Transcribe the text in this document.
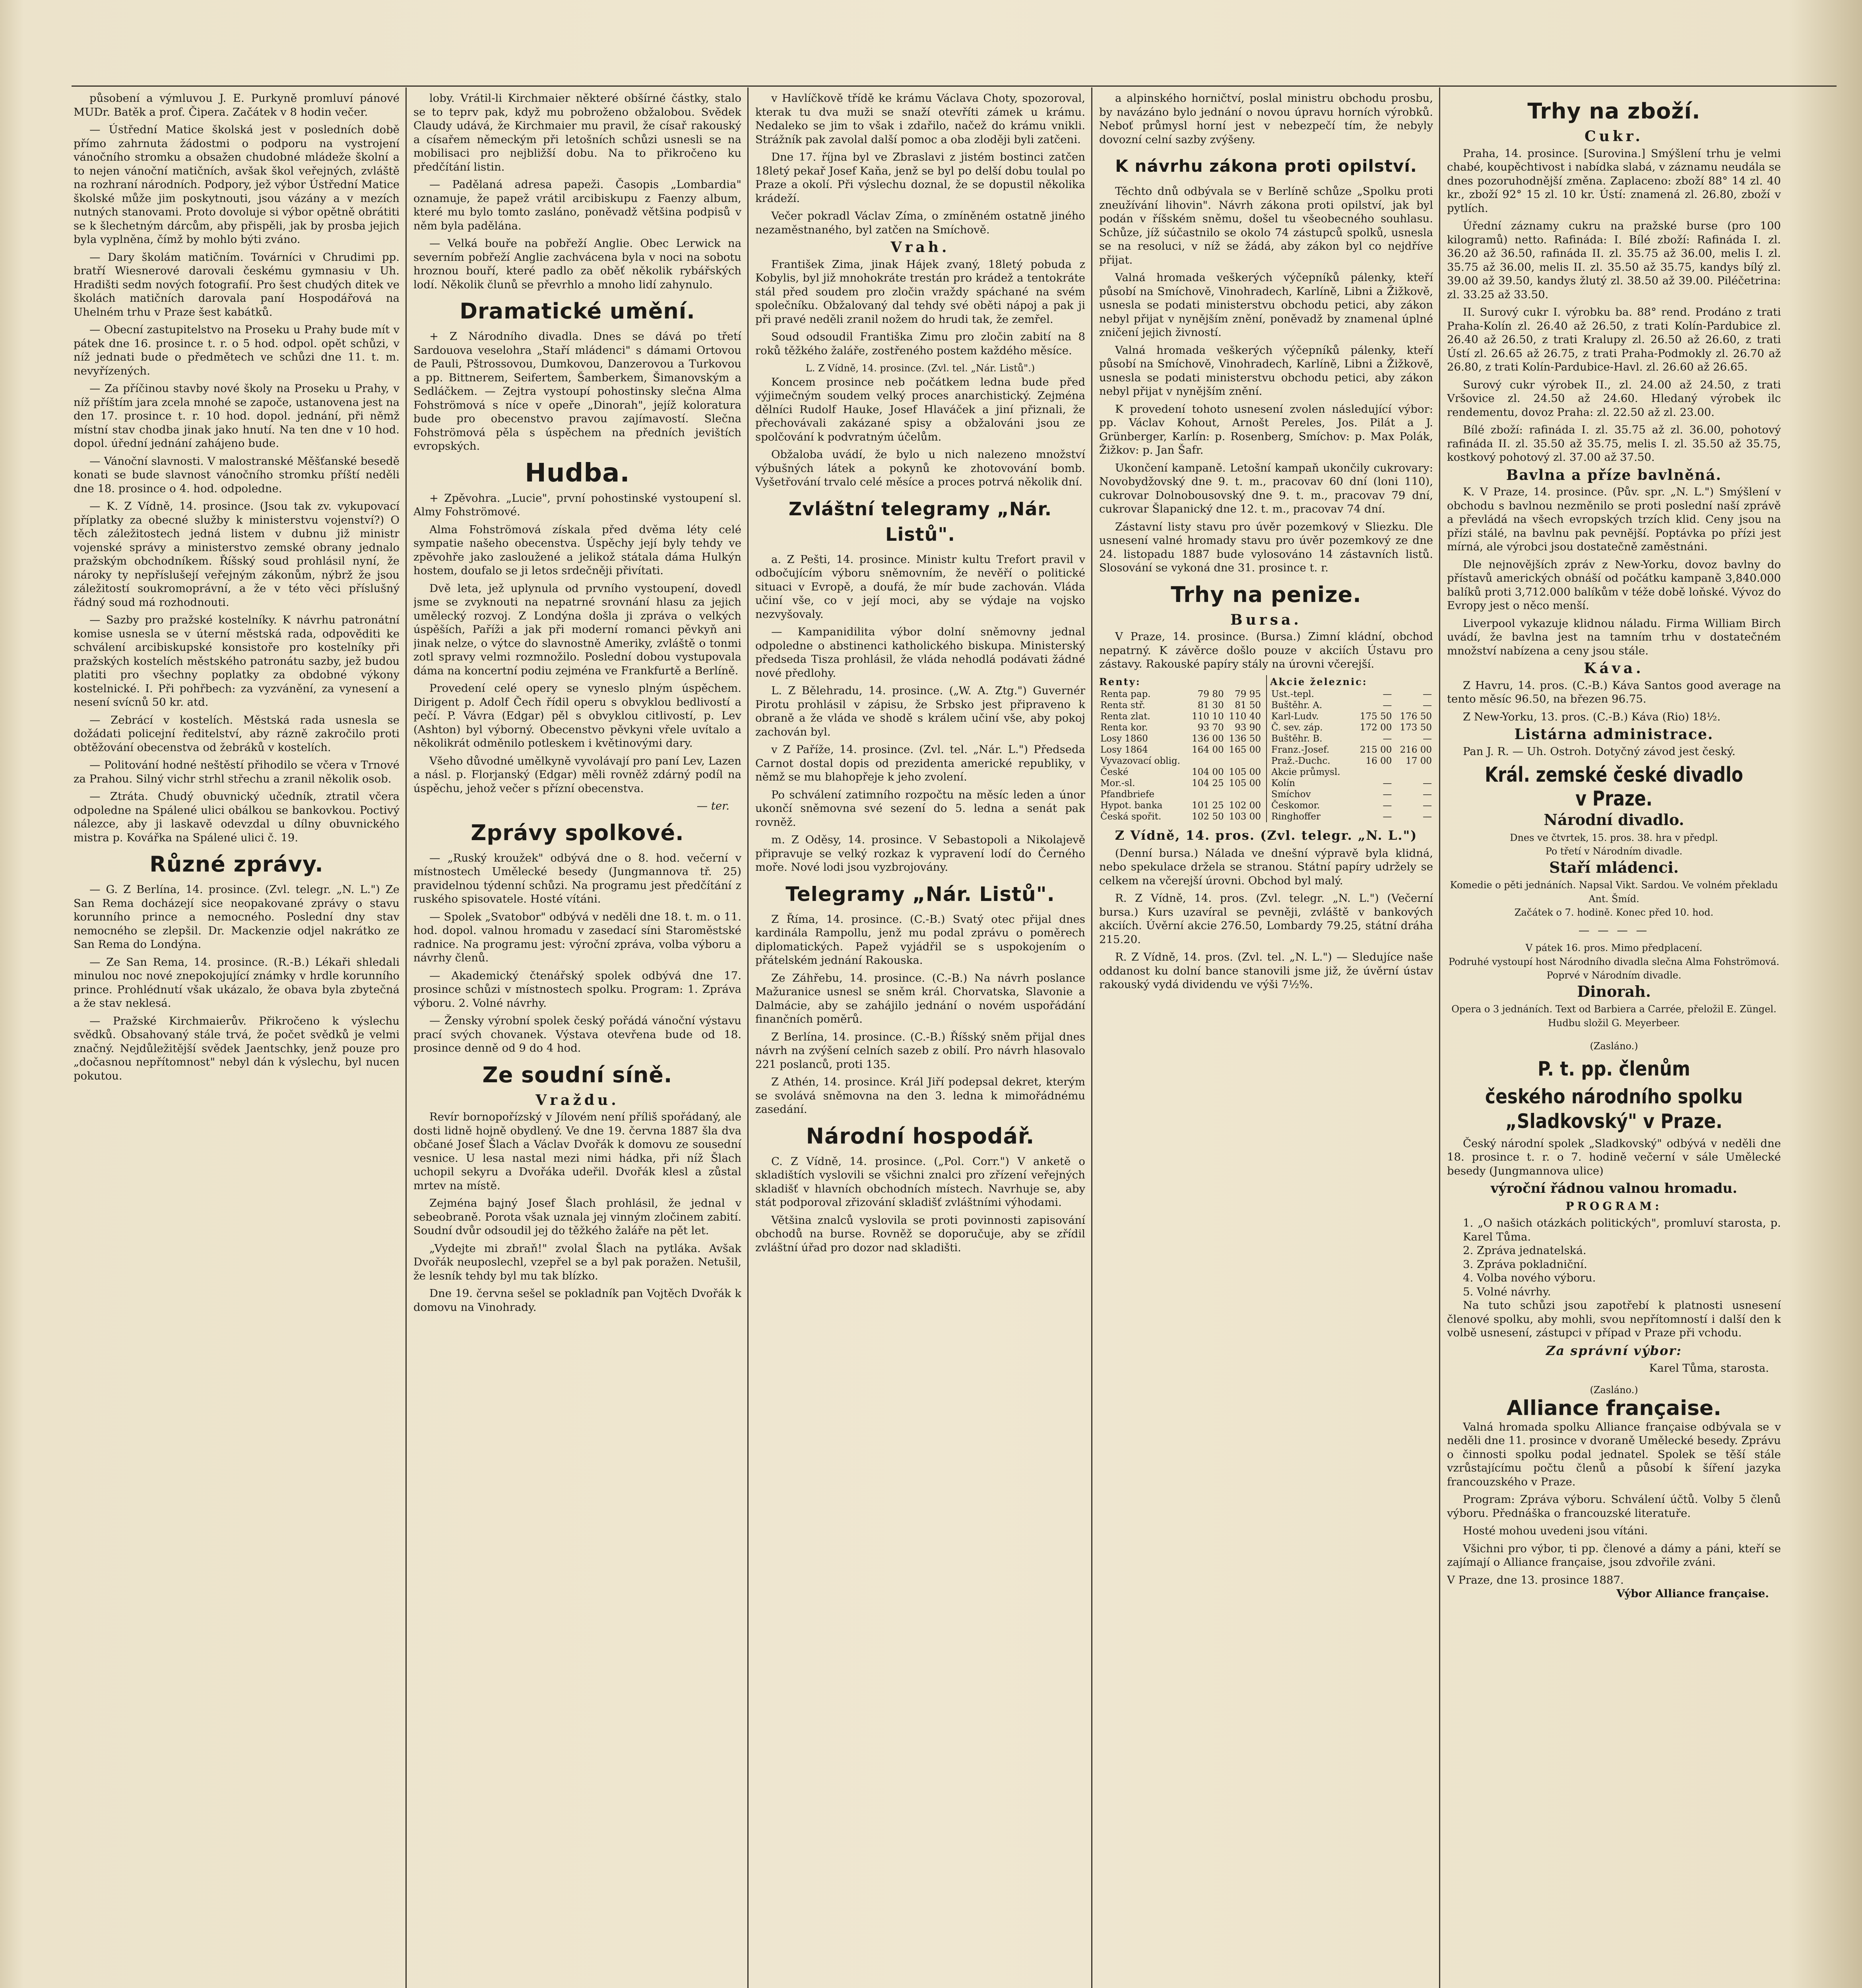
působení a výmluvou J. E. Purkyně promluví pánové MUDr. Batěk a prof. Čipera. Začátek v 8 hodin večer.

— Ústřední Matice školská jest v posledních době přímo zahrnuta žádostmi o podporu na vystrojení vánočního stromku a obsažen chudobné mládeže školní a to nejen vánoční matičních, avšak škol veřejných, zvláště na rozhraní národních. Podpory, jež výbor Ústřední Matice školské může jim poskytnouti, jsou vázány a v mezích nutných stanovami. Proto dovoluje si výbor opětně obrátiti se k šlechetným dárcům, aby přispěli, jak by prosba jejich byla vyplněna, čímž by mohlo býti zváno.

— Dary školám matičním. Továrníci v Chrudimi pp. bratří Wiesnerové darovali českému gymnasiu v Uh. Hradišti sedm nových fotografií. Pro šest chudých ditek ve školách matičních darovala paní Hospodářová na Uhelném trhu v Praze šest kabátků.

— Obecní zastupitelstvo na Proseku u Prahy bude mít v pátek dne 16. prosince t. r. o 5 hod. odpol. opět schůzi, v níž jednati bude o předmětech ve schůzi dne 11. t. m. nevyřízených.

— Za příčinou stavby nové školy na Proseku u Prahy, v níž příštím jara zcela mnohé se započe, ustanovena jest na den 17. prosince t. r. 10 hod. dopol. jednání, při němž místní stav chodba jinak jako hnutí. Na ten dne v 10 hod. dopol. úřední jednání zahájeno bude.

— Vánoční slavnosti. V malostranské Měšťanské besedě konati se bude slavnost vánočního stromku příští neděli dne 18. prosince o 4. hod. odpoledne.

— K. Z Vídně, 14. prosince. (Jsou tak zv. vykupovací příplatky za obecné služby k ministerstvu vojenství?) O těch záležitostech jedná listem v dubnu již ministr vojenské správy a ministerstvo zemské obrany jednalo pražským obchodníkem. Říšský soud prohlásil nyní, že nároky ty nepříslušejí veřejným zákonům, nýbrž že jsou záležitostí soukromoprávní, a že v této věci příslušný řádný soud má rozhodnouti.

— Sazby pro pražské kostelníky. K návrhu patronátní komise usnesla se v úterní městská rada, odpověditi ke schválení arcibiskupské konsistoře pro kostelníky při pražských kostelích městského patronátu sazby, jež budou platiti pro všechny poplatky za obdobné výkony kostelnické. I. Při pohřbech: za vyzvánění, za vynesení a nesení svícnů 50 kr. atd.

— Zebrácí v kostelích. Městská rada usnesla se dožádati policejní ředitelství, aby rázně zakročilo proti obtěžování obecenstva od žebráků v kostelích.

— Politování hodné neštěstí přihodilo se včera v Trnové za Prahou. Silný vichr strhl střechu a zranil několik osob.

— Ztráta. Chudý obuvnický učedník, ztratil včera odpoledne na Spálené ulici obálkou se bankovkou. Poctivý nálezce, aby ji laskavě odevzdal u dílny obuvnického mistra p. Kovářka na Spálené ulici č. 19.

Různé zprávy.

— G. Z Berlína, 14. prosince. (Zvl. telegr. „N. L.") Ze San Rema docházejí sice neopakované zprávy o stavu korunního prince a nemocného. Poslední dny stav nemocného se zlepšil. Dr. Mackenzie odjel nakrátko ze San Rema do Londýna.

— Ze San Rema, 14. prosince. (R.-B.) Lékaři shledali minulou noc nové znepokojující známky v hrdle korunního prince. Prohlédnutí však ukázalo, že obava byla zbytečná a že stav neklesá.

— Pražské Kirchmaierův. Přikročeno k výslechu svědků. Obsahovaný stále trvá, že počet svědků je velmi značný. Nejdůležitější svědek Jaentschky, jenž pouze pro „dočasnou nepřítomnost" nebyl dán k výslechu, byl nucen pokutou.

loby. Vrátil-li Kirchmaier některé obšírné částky, stalo se to teprv pak, když mu pobroženo obžalobou. Svědek Claudy udává, že Kirchmaier mu pravil, že císař rakouský a císařem německým při letošních schůzi usnesli se na mobilisaci pro nejbližší dobu. Na to přikročeno ku předčítání listin.

— Padělaná adresa papeži. Časopis „Lombardia" oznamuje, že papež vrátil arcibiskupu z Faenzy album, které mu bylo tomto zasláno, poněvadž většina podpisů v něm byla padělána.

— Velká bouře na pobřeží Anglie. Obec Lerwick na severním pobřeží Anglie zachvácena byla v noci na sobotu hroznou bouří, které padlo za oběť několik rybářských lodí. Několik člunů se převrhlo a mnoho lidí zahynulo.

Dramatické umění.

+ Z Národního divadla. Dnes se dává po třetí Sardouova veselohra „Staří mládenci" s dámami Ortovou de Pauli, Pštrossovou, Dumkovou, Danzerovou a Turkovou a pp. Bittnerem, Seifertem, Šamberkem, Šimanovským a Sedláčkem. — Zejtra vystoupí pohostinsky slečna Alma Fohströmová s níce v opeře „Dinorah", jejíž koloratura bude pro obecenstvo pravou zajímavostí. Slečna Fohströmová pěla s úspěchem na předních jevištích evropských.

Hudba.

+ Zpěvohra. „Lucie", první pohostinské vystoupení sl. Almy Fohströmové.

Alma Fohströmová získala před dvěma léty celé sympatie našeho obecenstva. Úspěchy její byly tehdy ve zpěvohře jako zasloužené a jelikož státala dáma Hulkýn hostem, doufalo se ji letos srdečněji přivítati.

Dvě leta, jež uplynula od prvního vystoupení, dovedl jsme se zvyknouti na nepatrné srovnání hlasu za jejich umělecký rozvoj. Z Londýna došla ji zpráva o velkých úspěších, Paříži a jak při moderní romanci pěvkyň ani jinak nelze, o výtce do slavnostně Ameriky, zvláště o tonmi zotl spravy velmi rozmnožilo. Poslední dobou vystupovala dáma na koncertní podiu zejména ve Frankfurtě a Berlíně.

Provedení celé opery se vyneslo plným úspěchem. Dirigent p. Adolf Čech řídil operu s obvyklou bedlivostí a pečí. P. Vávra (Edgar) pěl s obvyklou citlivostí, p. Lev (Ashton) byl výborný. Obecenstvo pěvkyni vřele uvítalo a několikrát odměnilo potleskem i květinovými dary.

Všeho důvodné umělkyně vyvolávají pro paní Lev, Lazen a násl. p. Florjanský (Edgar) měli rovněž zdárný podíl na úspěchu, jehož večer s přízní obecenstva.

— ter.
Zprávy spolkové.

— „Ruský kroužek" odbývá dne o 8. hod. večerní v místnostech Umělecké besedy (Jungmannova tř. 25) pravidelnou týdenní schůzi. Na programu jest předčítání z ruského spisovatele. Hosté vítáni.

— Spolek „Svatobor" odbývá v neděli dne 18. t. m. o 11. hod. dopol. valnou hromadu v zasedací síni Staroměstské radnice. Na programu jest: výroční zpráva, volba výboru a návrhy členů.

— Akademický čtenářský spolek odbývá dne 17. prosince schůzi v místnostech spolku. Program: 1. Zpráva výboru. 2. Volné návrhy.

— Žensky výrobní spolek český pořádá vánoční výstavu prací svých chovanek. Výstava otevřena bude od 18. prosince denně od 9 do 4 hod.

Ze soudní síně.
Vraždu.

Revír bornopořízský v Jílovém není příliš spořádaný, ale dosti lidně hojně obydlený. Ve dne 19. června 1887 šla dva občané Josef Šlach a Václav Dvořák k domovu ze sousední vesnice. U lesa nastal mezi nimi hádka, při níž Šlach uchopil sekyru a Dvořáka udeřil. Dvořák klesl a zůstal mrtev na místě.

Zejména bajný Josef Šlach prohlásil, že jednal v sebeobraně. Porota však uznala jej vinným zločinem zabití. Soudní dvůr odsoudil jej do těžkého žaláře na pět let.

„Vydejte mi zbraň!" zvolal Šlach na pytláka. Avšak Dvořák neuposlechl, vzepřel se a byl pak poražen. Netušil, že lesník tehdy byl mu tak blízko.

Dne 19. června sešel se pokladník pan Vojtěch Dvořák k domovu na Vinohrady.

v Havlíčkově třídě ke krámu Václava Choty, spozoroval, kterak tu dva muži se snaží otevříti zámek u krámu. Nedaleko se jim to však i zdařilo, načež do krámu vnikli. Strážník pak zavolal další pomoc a oba zloději byli zatčeni.

Dne 17. října byl ve Zbraslavi z jistém bostinci zatčen 18letý pekař Josef Kaňa, jenž se byl po delší dobu toulal po Praze a okolí. Při výslechu doznal, že se dopustil několika krádeží.

Večer pokradl Václav Zíma, o zmíněném ostatně jiného nezaměstnaného, byl zatčen na Smíchově.

Vrah.

František Zima, jinak Hájek zvaný, 18letý pobuda z Kobylis, byl již mnohokráte trestán pro krádež a tentokráte stál před soudem pro zločin vraždy spáchané na svém společníku. Obžalovaný dal tehdy své oběti nápoj a pak ji při pravé neděli zranil nožem do hrudi tak, že zemřel.

Soud odsoudil Františka Zimu pro zločin zabití na 8 roků těžkého žaláře, zostřeného postem každého měsíce.

L. Z Vídně, 14. prosince. (Zvl. tel. „Nár. Listů".)

Koncem prosince neb počátkem ledna bude před výjimečným soudem velký proces anarchistický. Zejména dělníci Rudolf Hauke, Josef Hlaváček a jiní přiznali, že přechovávali zakázané spisy a obžalováni jsou ze spolčování k podvratným účelům.

Obžaloba uvádí, že bylo u nich nalezeno množství výbušných látek a pokynů ke zhotovování bomb. Vyšetřování trvalo celé měsíce a proces potrvá několik dní.

Zvláštní telegramy „Nár. Listů".

a. Z Pešti, 14. prosince. Ministr kultu Trefort pravil v odbočujícím výboru sněmovním, že nevěří o politické situaci v Evropě, a doufá, že mír bude zachován. Vláda učiní vše, co v její moci, aby se výdaje na vojsko nezvyšovaly.

— Kampanidilita výbor dolní sněmovny jednal odpoledne o abstinenci katholického biskupa. Ministerský předseda Tisza prohlásil, že vláda nehodlá podávati žádné nové předlohy.

L. Z Bělehradu, 14. prosince. („W. A. Ztg.") Guvernér Pirotu prohlásil v zápisu, že Srbsko jest připraveno k obraně a že vláda ve shodě s králem učiní vše, aby pokoj zachován byl.

v Z Paříže, 14. prosince. (Zvl. tel. „Nár. L.") Předseda Carnot dostal dopis od prezidenta americké republiky, v němž se mu blahopřeje k jeho zvolení.

Po schválení zatimního rozpočtu na měsíc leden a únor ukončí sněmovna své sezení do 5. ledna a senát pak rovněž.

m. Z Oděsy, 14. prosince. V Sebastopoli a Nikolajevě připravuje se velký rozkaz k vypravení lodí do Černého moře. Nové lodi jsou vyzbrojovány.

Telegramy „Nár. Listů".

Z Říma, 14. prosince. (C.-B.) Svatý otec přijal dnes kardinála Rampollu, jenž mu podal zprávu o poměrech diplomatických. Papež vyjádřil se s uspokojením o přátelském jednání Rakouska.

Ze Záhřebu, 14. prosince. (C.-B.) Na návrh poslance Mažuranice usnesl se sněm král. Chorvatska, Slavonie a Dalmácie, aby se zahájilo jednání o novém uspořádání finančních poměrů.

Z Berlína, 14. prosince. (C.-B.) Říšský sněm přijal dnes návrh na zvýšení celních sazeb z obilí. Pro návrh hlasovalo 221 poslanců, proti 135.

Z Athén, 14. prosince. Král Jiří podepsal dekret, kterým se svolává sněmovna na den 3. ledna k mimořádnému zasedání.

Národní hospodář.

C. Z Vídně, 14. prosince. („Pol. Corr.") V anketě o skladištích vyslovili se všichni znalci pro zřízení veřejných skladišť v hlavních obchodních místech. Navrhuje se, aby stát podporoval zřizování skladišť zvláštními výhodami.

Většina znalců vyslovila se proti povinnosti zapisování obchodů na burse. Rovněž se doporučuje, aby se zřídil zvláštní úřad pro dozor nad skladišti.

a alpinského horničtví, poslal ministru obchodu prosbu, by navázáno bylo jednání o novou úpravu horních výrobků. Neboť průmysl horní jest v nebezpečí tím, že nebyly dovozní celní sazby zvýšeny.

K návrhu zákona proti opilství.

Těchto dnů odbývala se v Berlíně schůze „Spolku proti zneužívání lihovin". Návrh zákona proti opilství, jak byl podán v říšském sněmu, došel tu všeobecného souhlasu. Schůze, jíž súčastnilo se okolo 74 zástupců spolků, usnesla se na resoluci, v níž se žádá, aby zákon byl co nejdříve přijat.

Valná hromada veškerých výčepníků pálenky, kteří působí na Smíchově, Vinohradech, Karlíně, Libni a Žižkově, usnesla se podati ministerstvu obchodu petici, aby zákon nebyl přijat v nynějším znění, poněvadž by znamenal úplné zničení jejich živností.

Valná hromada veškerých výčepníků pálenky, kteří působí na Smíchově, Vinohradech, Karlíně, Libni a Žižkově, usnesla se podati ministerstvu obchodu petici, aby zákon nebyl přijat v nynějším znění.

K provedení tohoto usnesení zvolen následující výbor: pp. Václav Kohout, Arnošt Pereles, Jos. Pilát a J. Grünberger, Karlín: p. Rosenberg, Smíchov: p. Max Polák, Žižkov: p. Jan Šafr.

Ukončení kampaně. Letošní kampaň ukončily cukrovary: Novobydžovský dne 9. t. m., pracovav 60 dní (loni 110), cukrovar Dolnobousovský dne 9. t. m., pracovav 79 dní, cukrovar Šlapanický dne 12. t. m., pracovav 74 dní.

Zástavní listy stavu pro úvěr pozemkový v Sliezku. Dle usnesení valné hromady stavu pro úvěr pozemkový ze dne 24. listopadu 1887 bude vylosováno 14 zástavních listů. Slosování se vykoná dne 31. prosince t. r.

Trhy na penize.
Bursa.

V Praze, 14. prosince. (Bursa.) Zimní kládní, obchod nepatrný. K závěrce došlo pouze v akciích Ústavu pro zástavy. Rakouské papíry stály na úrovni včerejší.

Renty:
Renta pap.	79 80	79 95
Renta stř.	81 30	81 50
Renta zlat.	110 10	110 40
Renta kor.	93 70	93 90
Losy 1860	136 00	136 50
Losy 1864	164 00	165 00
Vyvazovací oblig.		
České	104 00	105 00
Mor.-sl.	104 25	105 00
Pfandbriefe		
Hypot. banka	101 25	102 00
Česká spořit.	102 50	103 00
Akcie železnic:
Ust.-tepl.	—	—
Buštěhr. A.	—	—
Karl-Ludv.	175 50	176 50
Č. sev. záp.	172 00	173 50
Buštěhr. B.	—	—
Franz.-Josef.	215 00	216 00
Praž.-Duchc.	16 00	17 00
Akcie průmysl.		
Kolín	—	—
Smíchov	—	—
Českomor.	—	—
Ringhoffer	—	—
Z Vídně, 14. pros. (Zvl. telegr. „N. L.")

(Denní bursa.) Nálada ve dnešní výpravě byla klidná, nebo spekulace držela se stranou. Státní papíry udržely se celkem na včerejší úrovni. Obchod byl malý.

R. Z Vídně, 14. pros. (Zvl. telegr. „N. L.") (Večerní bursa.) Kurs uzavíral se pevněji, zvláště v bankových akciích. Úvěrní akcie 276.50, Lombardy 79.25, státní dráha 215.20.

R. Z Vídně, 14. pros. (Zvl. tel. „N. L.") — Sledujíce naše oddanost ku dolní bance stanovili jsme již, že úvěrní ústav rakouský vydá dividendu ve výši 7½%.

Trhy na zboží.
Cukr.

Praha, 14. prosince. [Surovina.] Smýšlení trhu je velmi chabé, koupěchtivost i nabídka slabá, v záznamu neudála se dnes pozoruhodnější změna. Zaplaceno: zboží 88° 14 zl. 40 kr., zboží 92° 15 zl. 10 kr. Ústí: znamená zl. 26.80, zboží v pytlích.

Úřední záznamy cukru na pražské burse (pro 100 kilogramů) netto. Rafináda: I. Bílé zboží: Rafináda I. zl. 36.20 až 36.50, rafináda II. zl. 35.75 až 36.00, melis I. zl. 35.75 až 36.00, melis II. zl. 35.50 až 35.75, kandys bílý zl. 39.00 až 39.50, kandys žlutý zl. 38.50 až 39.00. Piléčetrina: zl. 33.25 až 33.50.

II. Surový cukr I. výrobku ba. 88° rend. Prodáno z trati Praha-Kolín zl. 26.40 až 26.50, z trati Kolín-Pardubice zl. 26.40 až 26.50, z trati Kralupy zl. 26.50 až 26.60, z trati Ústí zl. 26.65 až 26.75, z trati Praha-Podmokly zl. 26.70 až 26.80, z trati Kolín-Pardubice-Havl. zl. 26.60 až 26.65.

Surový cukr výrobek II., zl. 24.00 až 24.50, z trati Vršovice zl. 24.50 až 24.60. Hledaný výrobek ilc rendementu, dovoz Praha: zl. 22.50 až zl. 23.00.

Bílé zboží: rafináda I. zl. 35.75 až zl. 36.00, pohotový rafináda II. zl. 35.50 až 35.75, melis I. zl. 35.50 až 35.75, kostkový pohotový zl. 37.00 až 37.50.

Bavlna a příze bavlněná.

K. V Praze, 14. prosince. (Pův. spr. „N. L.") Smýšlení v obchodu s bavlnou nezměnilo se proti poslední naší zprávě a převládá na všech evropských trzích klid. Ceny jsou na přízi stálé, na bavlnu pak pevnější. Poptávka po přízi jest mírná, ale výrobci jsou dostatečně zaměstnáni.

Dle nejnovějších zpráv z New-Yorku, dovoz bavlny do přístavů amerických obnáší od počátku kampaně 3,840.000 balíků proti 3,712.000 balíkům v téže době loňské. Vývoz do Evropy jest o něco menší.

Liverpool vykazuje klidnou náladu. Firma William Birch uvádí, že bavlna jest na tamním trhu v dostatečném množství nabízena a ceny jsou stále.

Káva.

Z Havru, 14. pros. (C.-B.) Káva Santos good average na tento měsíc 96.50, na březen 96.75.

Z New-Yorku, 13. pros. (C.-B.) Káva (Rio) 18½.

Listárna administrace.

Pan J. R. — Uh. Ostroh. Dotyčný závod jest český.

Král. zemské české divadlo v Praze.
Národní divadlo.
Dnes ve čtvrtek, 15. pros. 38. hra v předpl.
Po třetí v Národním divadle.
Staří mládenci.
Komedie o pěti jednáních. Napsal Vikt. Sardou. Ve volném překladu Ant. Šmíd.
Začátek o 7. hodině. Konec před 10. hod.
— — — —
V pátek 16. pros. Mimo předplacení.
Podruhé vystoupí host Národního divadla slečna Alma Fohströmová.
Poprvé v Národním divadle.
Dinorah.
Opera o 3 jednáních. Text od Barbiera a Carrée, přeložil E. Züngel. Hudbu složil G. Meyerbeer.
(Zasláno.)
P. t. pp. členům
českého národního spolku „Sladkovský" v Praze.

Český národní spolek „Sladkovský" odbývá v neděli dne 18. prosince t. r. o 7. hodině večerní v sále Umělecké besedy (Jungmannova ulice)

výroční řádnou valnou hromadu.
PROGRAM:
1. „O našich otázkách politických", promluví starosta, p. Karel Tůma.
2. Zpráva jednatelská.
3. Zpráva pokladniční.
4. Volba nového výboru.
5. Volné návrhy.

Na tuto schůzi jsou zapotřebí k platnosti usnesení členové spolku, aby mohli, svou nepřítomností i další den k volbě usnesení, zástupci v případ v Praze při vchodu.

Za správní výbor:
Karel Tůma, starosta.
(Zasláno.)
Alliance française.

Valná hromada spolku Alliance française odbývala se v neděli dne 11. prosince v dvoraně Umělecké besedy. Zprávu o činnosti spolku podal jednatel. Spolek se těší stále vzrůstajícímu počtu členů a působí k šíření jazyka francouzského v Praze.

Program: Zpráva výboru. Schválení účtů. Volby 5 členů výboru. Přednáška o francouzské literatuře.

Hosté mohou uvedeni jsou vítáni.

Všichni pro výbor, ti pp. členové a dámy a páni, kteří se zajímají o Alliance française, jsou zdvořile zváni.

V Praze, dne 13. prosince 1887.
Výbor Alliance française.
